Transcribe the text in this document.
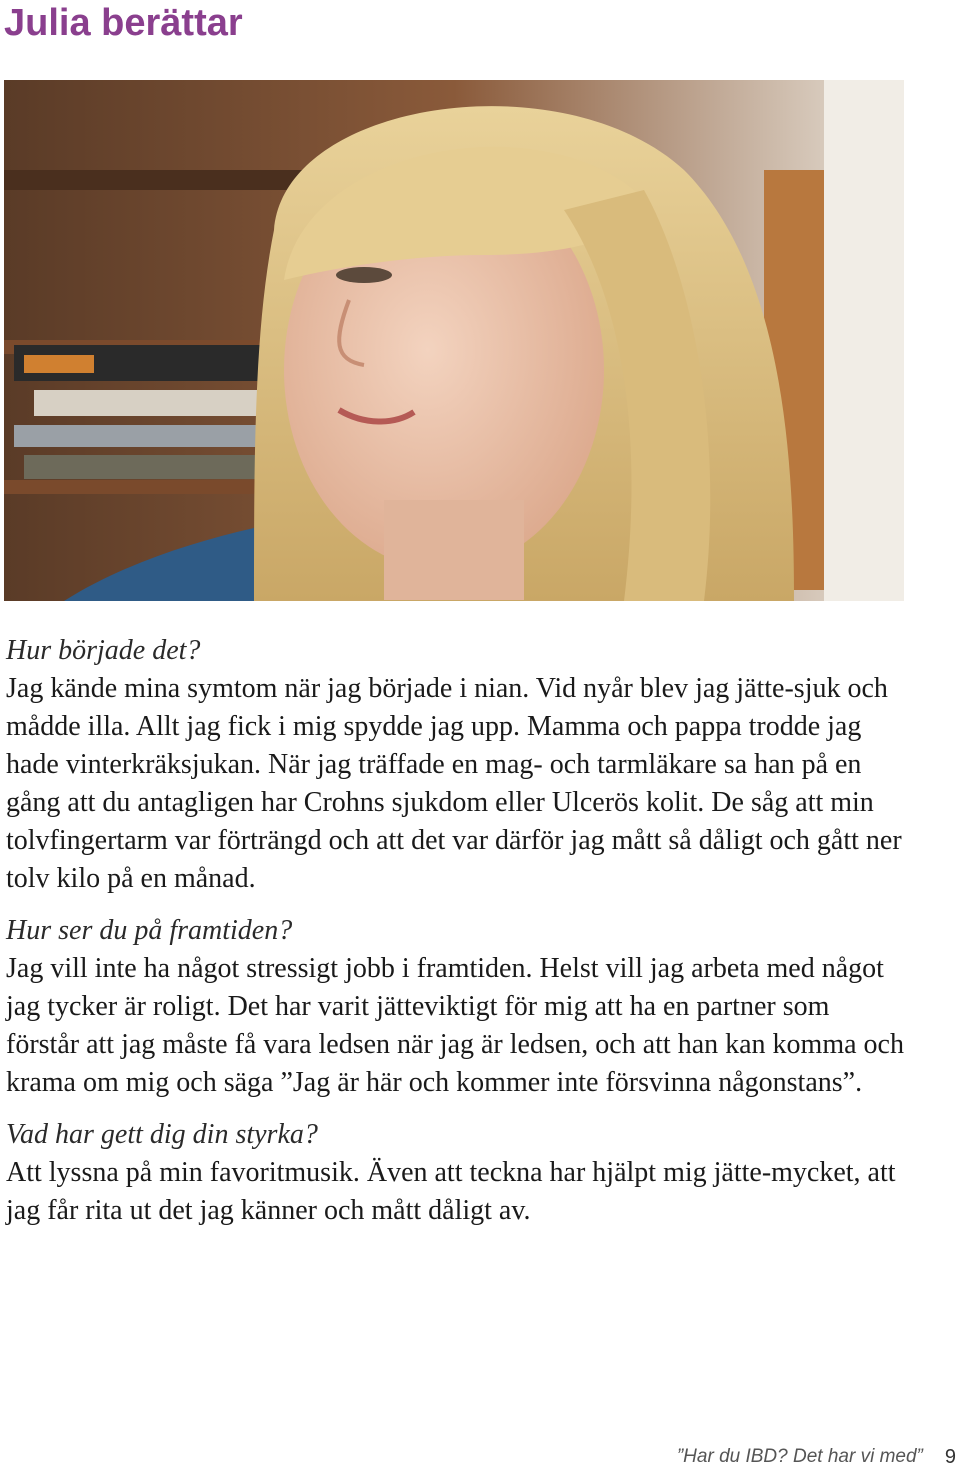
Julia berättar

Hur började det?

Jag kände mina symtom när jag började i nian. Vid nyår blev jag jätte-sjuk och mådde illa. Allt jag fick i mig spydde jag upp. Mamma och pappa trodde jag hade vinterkräksjukan. När jag träffade en mag- och tarmläkare sa han på en gång att du antagligen har Crohns sjukdom eller Ulcerös kolit. De såg att min tolvfingertarm var förträngd och att det var därför jag mått så dåligt och gått ner tolv kilo på en månad.

Hur ser du på framtiden?

Jag vill inte ha något stressigt jobb i framtiden. Helst vill jag arbeta med något jag tycker är roligt. Det har varit jätteviktigt för mig att ha en partner som förstår att jag måste få vara ledsen när jag är ledsen, och att han kan komma och krama om mig och säga ”Jag är här och kommer inte försvinna någonstans”.

Vad har gett dig din styrka?

Att lyssna på min favoritmusik. Även att teckna har hjälpt mig jätte-mycket, att jag får rita ut det jag känner och mått dåligt av.

”Har du IBD? Det har vi med” 9
